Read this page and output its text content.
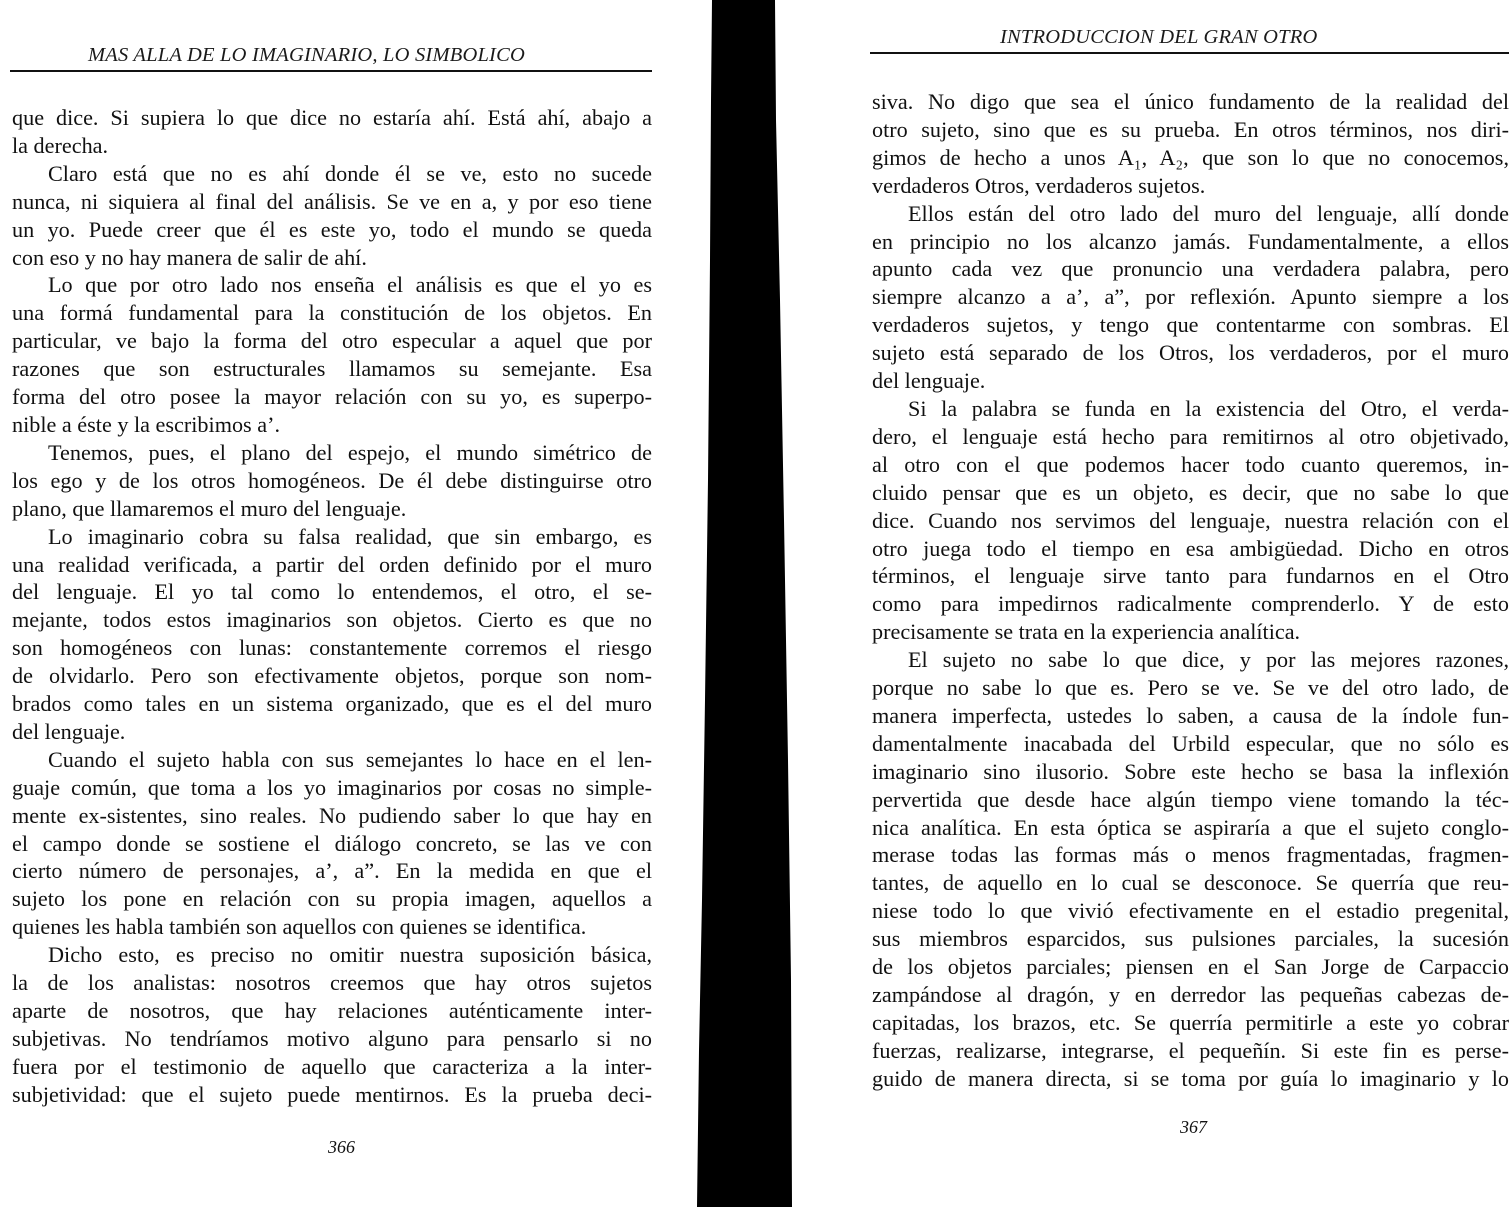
MAS ALLA DE LO IMAGINARIO, LO SIMBOLICO
que dice. Si supiera lo que dice no estaría ahí. Está ahí, abajo a
la derecha.
Claro está que no es ahí donde él se ve, esto no sucede
nunca, ni siquiera al final del análisis. Se ve en a, y por eso tiene
un yo. Puede creer que él es este yo, todo el mundo se queda
con eso y no hay manera de salir de ahí.
Lo que por otro lado nos enseña el análisis es que el yo es
una formá fundamental para la constitución de los objetos. En
particular, ve bajo la forma del otro especular a aquel que por
razones que son estructurales llamamos su semejante. Esa
forma del otro posee la mayor relación con su yo, es superpo-
nible a éste y la escribimos a’.
Tenemos, pues, el plano del espejo, el mundo simétrico de
los ego y de los otros homogéneos. De él debe distinguirse otro
plano, que llamaremos el muro del lenguaje.
Lo imaginario cobra su falsa realidad, que sin embargo, es
una realidad verificada, a partir del orden definido por el muro
del lenguaje. El yo tal como lo entendemos, el otro, el se-
mejante, todos estos imaginarios son objetos. Cierto es que no
son homogéneos con lunas: constantemente corremos el riesgo
de olvidarlo. Pero son efectivamente objetos, porque son nom-
brados como tales en un sistema organizado, que es el del muro
del lenguaje.
Cuando el sujeto habla con sus semejantes lo hace en el len-
guaje común, que toma a los yo imaginarios por cosas no simple-
mente ex-sistentes, sino reales. No pudiendo saber lo que hay en
el campo donde se sostiene el diálogo concreto, se las ve con
cierto número de personajes, a’, a”. En la medida en que el
sujeto los pone en relación con su propia imagen, aquellos a
quienes les habla también son aquellos con quienes se identifica.
Dicho esto, es preciso no omitir nuestra suposición básica,
la de los analistas: nosotros creemos que hay otros sujetos
aparte de nosotros, que hay relaciones auténticamente inter-
subjetivas. No tendríamos motivo alguno para pensarlo si no
fuera por el testimonio de aquello que caracteriza a la inter-
subjetividad: que el sujeto puede mentirnos. Es la prueba deci-
366
INTRODUCCION DEL GRAN OTRO
siva. No digo que sea el único fundamento de la realidad del
otro sujeto, sino que es su prueba. En otros términos, nos diri-
gimos de hecho a unos A₁, A₂, que son lo que no conocemos,
verdaderos Otros, verdaderos sujetos.
Ellos están del otro lado del muro del lenguaje, allí donde
en principio no los alcanzo jamás. Fundamentalmente, a ellos
apunto cada vez que pronuncio una verdadera palabra, pero
siempre alcanzo a a’, a”, por reflexión. Apunto siempre a los
verdaderos sujetos, y tengo que contentarme con sombras. El
sujeto está separado de los Otros, los verdaderos, por el muro
del lenguaje.
Si la palabra se funda en la existencia del Otro, el verda-
dero, el lenguaje está hecho para remitirnos al otro objetivado,
al otro con el que podemos hacer todo cuanto queremos, in-
cluido pensar que es un objeto, es decir, que no sabe lo que
dice. Cuando nos servimos del lenguaje, nuestra relación con el
otro juega todo el tiempo en esa ambigüedad. Dicho en otros
términos, el lenguaje sirve tanto para fundarnos en el Otro
como para impedirnos radicalmente comprenderlo. Y de esto
precisamente se trata en la experiencia analítica.
El sujeto no sabe lo que dice, y por las mejores razones,
porque no sabe lo que es. Pero se ve. Se ve del otro lado, de
manera imperfecta, ustedes lo saben, a causa de la índole fun-
damentalmente inacabada del Urbild especular, que no sólo es
imaginario sino ilusorio. Sobre este hecho se basa la inflexión
pervertida que desde hace algún tiempo viene tomando la téc-
nica analítica. En esta óptica se aspiraría a que el sujeto conglo-
merase todas las formas más o menos fragmentadas, fragmen-
tantes, de aquello en lo cual se desconoce. Se querría que reu-
niese todo lo que vivió efectivamente en el estadio pregenital,
sus miembros esparcidos, sus pulsiones parciales, la sucesión
de los objetos parciales; piensen en el San Jorge de Carpaccio
zampándose al dragón, y en derredor las pequeñas cabezas de-
capitadas, los brazos, etc. Se querría permitirle a este yo cobrar
fuerzas, realizarse, integrarse, el pequeñín. Si este fin es perse-
guido de manera directa, si se toma por guía lo imaginario y lo
367
